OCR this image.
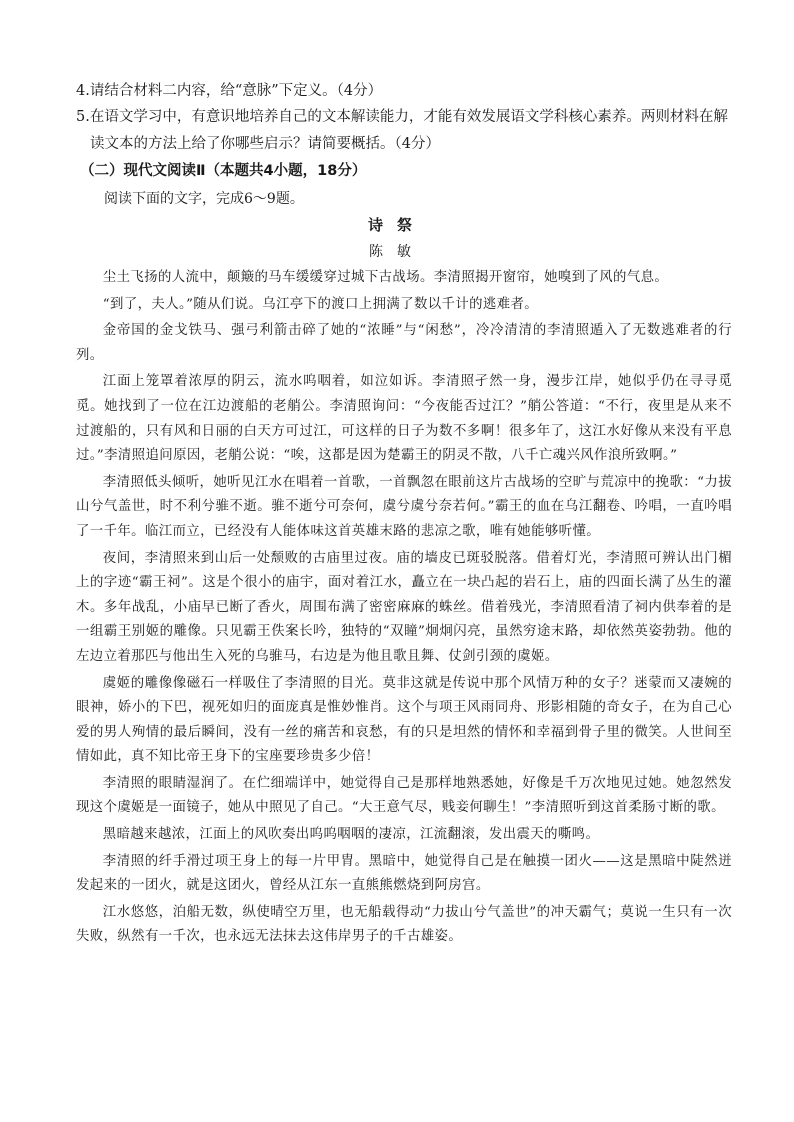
4.请结合材料二内容，给“意脉”下定义。（4分）
5.在语文学习中，有意识地培养自己的文本解读能力，才能有效发展语文学科核心素养。两则材料在解读文本的方法上给了你哪些启示？请简要概括。（4分）
（二）现代文阅读Ⅱ（本题共4小题，18分）
阅读下面的文字，完成6～9题。
诗祭
陈敏

尘土飞扬的人流中，颠簸的马车缓缓穿过城下古战场。李清照揭开窗帘，她嗅到了风的气息。

“到了，夫人。”随从们说。乌江亭下的渡口上拥满了数以千计的逃难者。

金帝国的金戈铁马、强弓利箭击碎了她的“浓睡”与“闲愁”，冷冷清清的李清照遁入了无数逃难者的行列。

江面上笼罩着浓厚的阴云，流水呜咽着，如泣如诉。李清照孑然一身，漫步江岸，她似乎仍在寻寻觅觅。她找到了一位在江边渡船的老艄公。李清照询问：“今夜能否过江？”艄公答道：“不行，夜里是从来不过渡船的，只有风和日丽的白天方可过江，可这样的日子为数不多啊！很多年了，这江水好像从来没有平息过。”李清照追问原因，老艄公说：“唉，这都是因为楚霸王的阴灵不散，八千亡魂兴风作浪所致啊。”

李清照低头倾听，她听见江水在唱着一首歌，一首飘忽在眼前这片古战场的空旷与荒凉中的挽歌：“力拔山兮气盖世，时不利兮骓不逝。骓不逝兮可奈何，虞兮虞兮奈若何。”霸王的血在乌江翻卷、吟唱，一直吟唱了一千年。临江而立，已经没有人能体味这首英雄末路的悲凉之歌，唯有她能够听懂。

夜间，李清照来到山后一处颓败的古庙里过夜。庙的墙皮已斑驳脱落。借着灯光，李清照可辨认出门楣上的字迹“霸王祠”。这是个很小的庙宇，面对着江水，矗立在一块凸起的岩石上，庙的四面长满了丛生的灌木。多年战乱，小庙早已断了香火，周围布满了密密麻麻的蛛丝。借着残光，李清照看清了祠内供奉着的是一组霸王别姬的雕像。只见霸王佚案长吟，独特的“双瞳”炯炯闪亮，虽然穷途末路，却依然英姿勃勃。他的左边立着那匹与他出生入死的乌骓马，右边是为他且歌且舞、仗剑引颈的虞姬。

虞姬的雕像像磁石一样吸住了李清照的目光。莫非这就是传说中那个风情万种的女子？迷蒙而又凄婉的眼神，娇小的下巴，视死如归的面庞真是惟妙惟肖。这个与项王风雨同舟、形影相随的奇女子，在为自己心爱的男人殉情的最后瞬间，没有一丝的痛苦和哀愁，有的只是坦然的情怀和幸福到骨子里的微笑。人世间至情如此，真不知比帝王身下的宝座要珍贵多少倍！

李清照的眼睛湿润了。在伫细端详中，她觉得自己是那样地熟悉她，好像是千万次地见过她。她忽然发现这个虞姬是一面镜子，她从中照见了自己。“大王意气尽，贱妾何聊生！”李清照听到这首柔肠寸断的歌。

黑暗越来越浓，江面上的风吹奏出呜呜咽咽的凄凉，江流翻滚，发出震天的嘶鸣。

李清照的纤手滑过项王身上的每一片甲胄。黑暗中，她觉得自己是在触摸一团火——这是黑暗中陡然迸发起来的一团火，就是这团火，曾经从江东一直熊熊燃烧到阿房宫。

江水悠悠，泊船无数，纵使晴空万里，也无船载得动“力拔山兮气盖世”的冲天霸气；莫说一生只有一次失败，纵然有一千次，也永远无法抹去这伟岸男子的千古雄姿。
